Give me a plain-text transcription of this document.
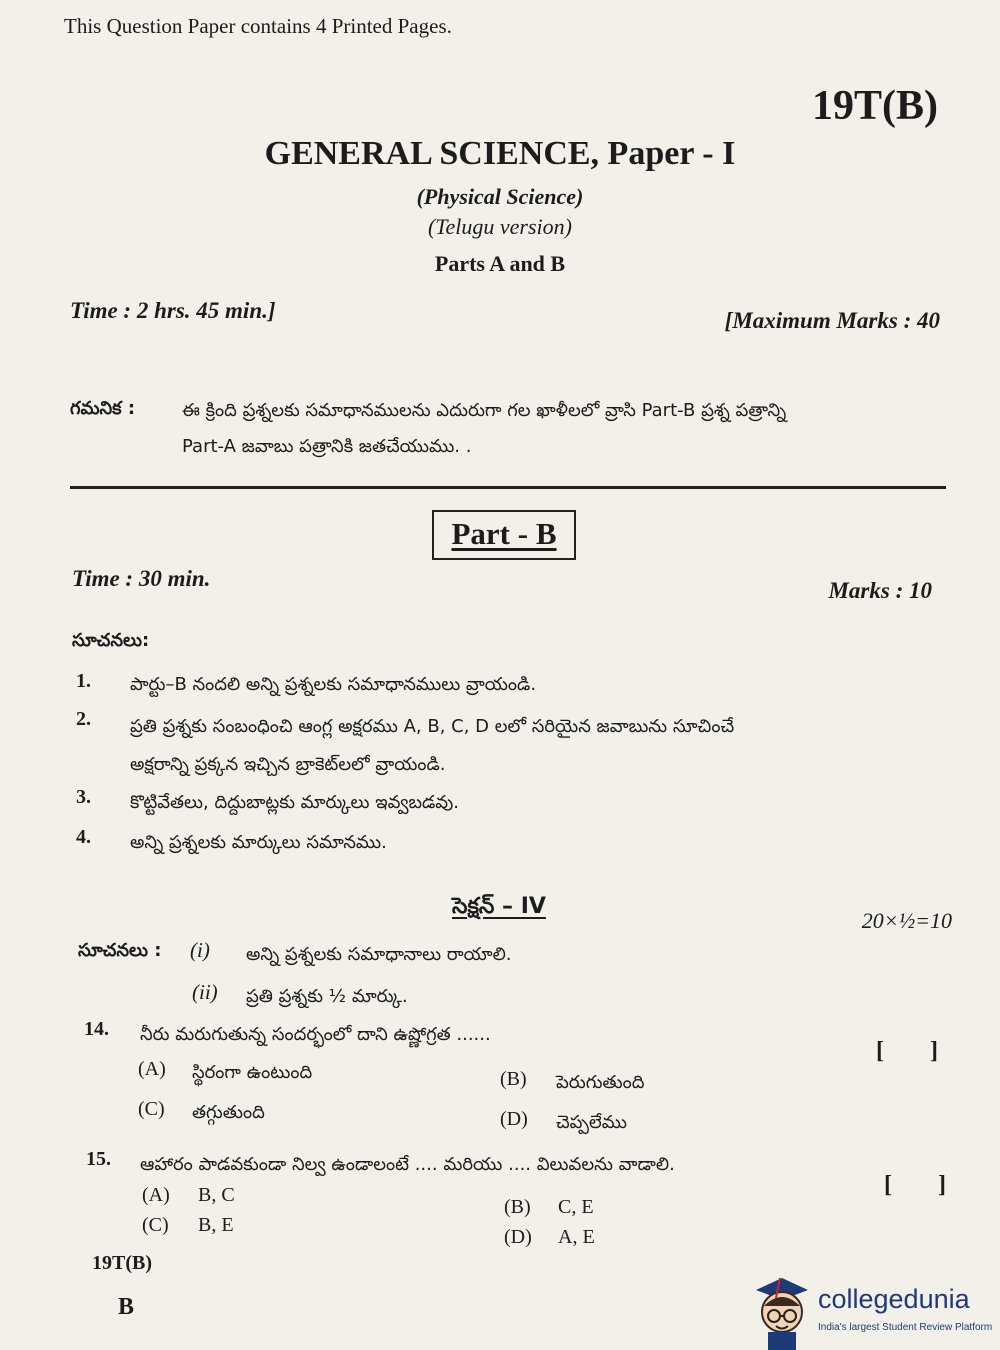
This Question Paper contains 4 Printed Pages.
19T(B)
GENERAL SCIENCE, Paper - I
(Physical Science)
(Telugu version)
Parts A and B
Time : 2 hrs. 45 min.]	[Maximum Marks : 40
గమనిక :	ఈ క్రింది ప్రశ్నలకు సమాధానములను ఎదురుగా గల ఖాళీలలో వ్రాసి Part-B ప్రశ్న పత్రాన్ని
Part-A జవాబు పత్రానికి జతచేయుము. .
Part - B
Time : 30 min.	Marks : 10
సూచనలు:
1. పార్టు–B నందలి అన్ని ప్రశ్నలకు సమాధానములు వ్రాయండి.
2. ప్రతి ప్రశ్నకు సంబంధించి ఆంగ్ల అక్షరము A, B, C, D లలో సరియైన జవాబును సూచించే
అక్షరాన్ని ప్రక్కన ఇచ్చిన బ్రాకెట్‌లలో వ్రాయండి.
3. కొట్టివేతలు, దిద్దుబాట్లకు మార్కులు ఇవ్వబడవు.
4. అన్ని ప్రశ్నలకు మార్కులు సమానము.
సెక్షన్ – IV
20×½=10
సూచనలు : (i) అన్ని ప్రశ్నలకు సమాధానాలు రాయాలి.
(ii) ప్రతి ప్రశ్నకు ½ మార్కు.
14. నీరు మరుగుతున్న సందర్భంలో దాని ఉష్ణోగ్రత ......
[ ]
(A) స్థిరంగా ఉంటుంది	(B) పెరుగుతుంది
(C) తగ్గుతుంది	(D) చెప్పలేము
15. ఆహారం పాడవకుండా నిల్వ ఉండాలంటే .... మరియు .... విలువలను వాడాలి.
[ ]
(A) B, C
(B) C, E
(C) B, E
(D) A, E
19T(B)
B	collegedunia
India's largest Student Review Platform
